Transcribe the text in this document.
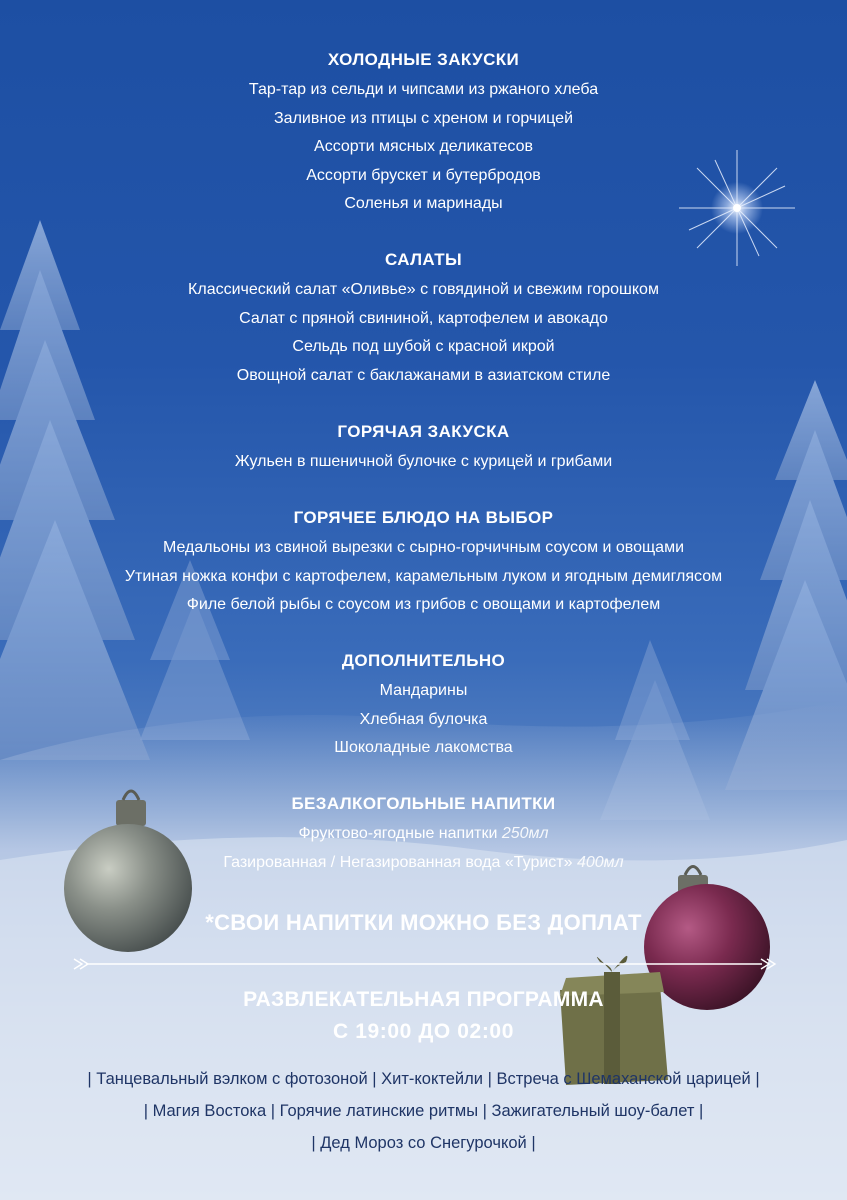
ХОЛОДНЫЕ ЗАКУСКИ
Тар-тар из сельди и чипсами из ржаного хлеба
Заливное из птицы с хреном и горчицей
Ассорти мясных деликатесов
Ассорти брускет и бутербродов
Соленья и маринады
САЛАТЫ
Классический салат «Оливье» с говядиной и свежим горошком
Салат с пряной свининой, картофелем и авокадо
Сельдь под шубой с красной икрой
Овощной салат с баклажанами в азиатском стиле
ГОРЯЧАЯ ЗАКУСКА
Жульен в пшеничной булочке с курицей и грибами
ГОРЯЧЕЕ БЛЮДО НА ВЫБОР
Медальоны из свиной вырезки с сырно-горчичным соусом и овощами
Утиная ножка конфи с картофелем, карамельным луком и ягодным демиглясом
Филе белой рыбы с соусом из грибов с овощами и картофелем
ДОПОЛНИТЕЛЬНО
Мандарины
Хлебная булочка
Шоколадные лакомства
БЕЗАЛКОГОЛЬНЫЕ НАПИТКИ
Фруктово-ягодные напитки 250мл
Газированная / Негазированная вода «Турист» 400мл
*СВОИ НАПИТКИ МОЖНО БЕЗ ДОПЛАТ
РАЗВЛЕКАТЕЛЬНАЯ ПРОГРАММА
С 19:00 ДО 02:00
| Танцевальный вэлком с фотозоной | Хит-коктейли | Встреча с Шемаханской царицей |
| Магия Востока | Горячие латинские ритмы | Зажигательный шоу-балет |
| Дед Мороз со Снегурочкой |
